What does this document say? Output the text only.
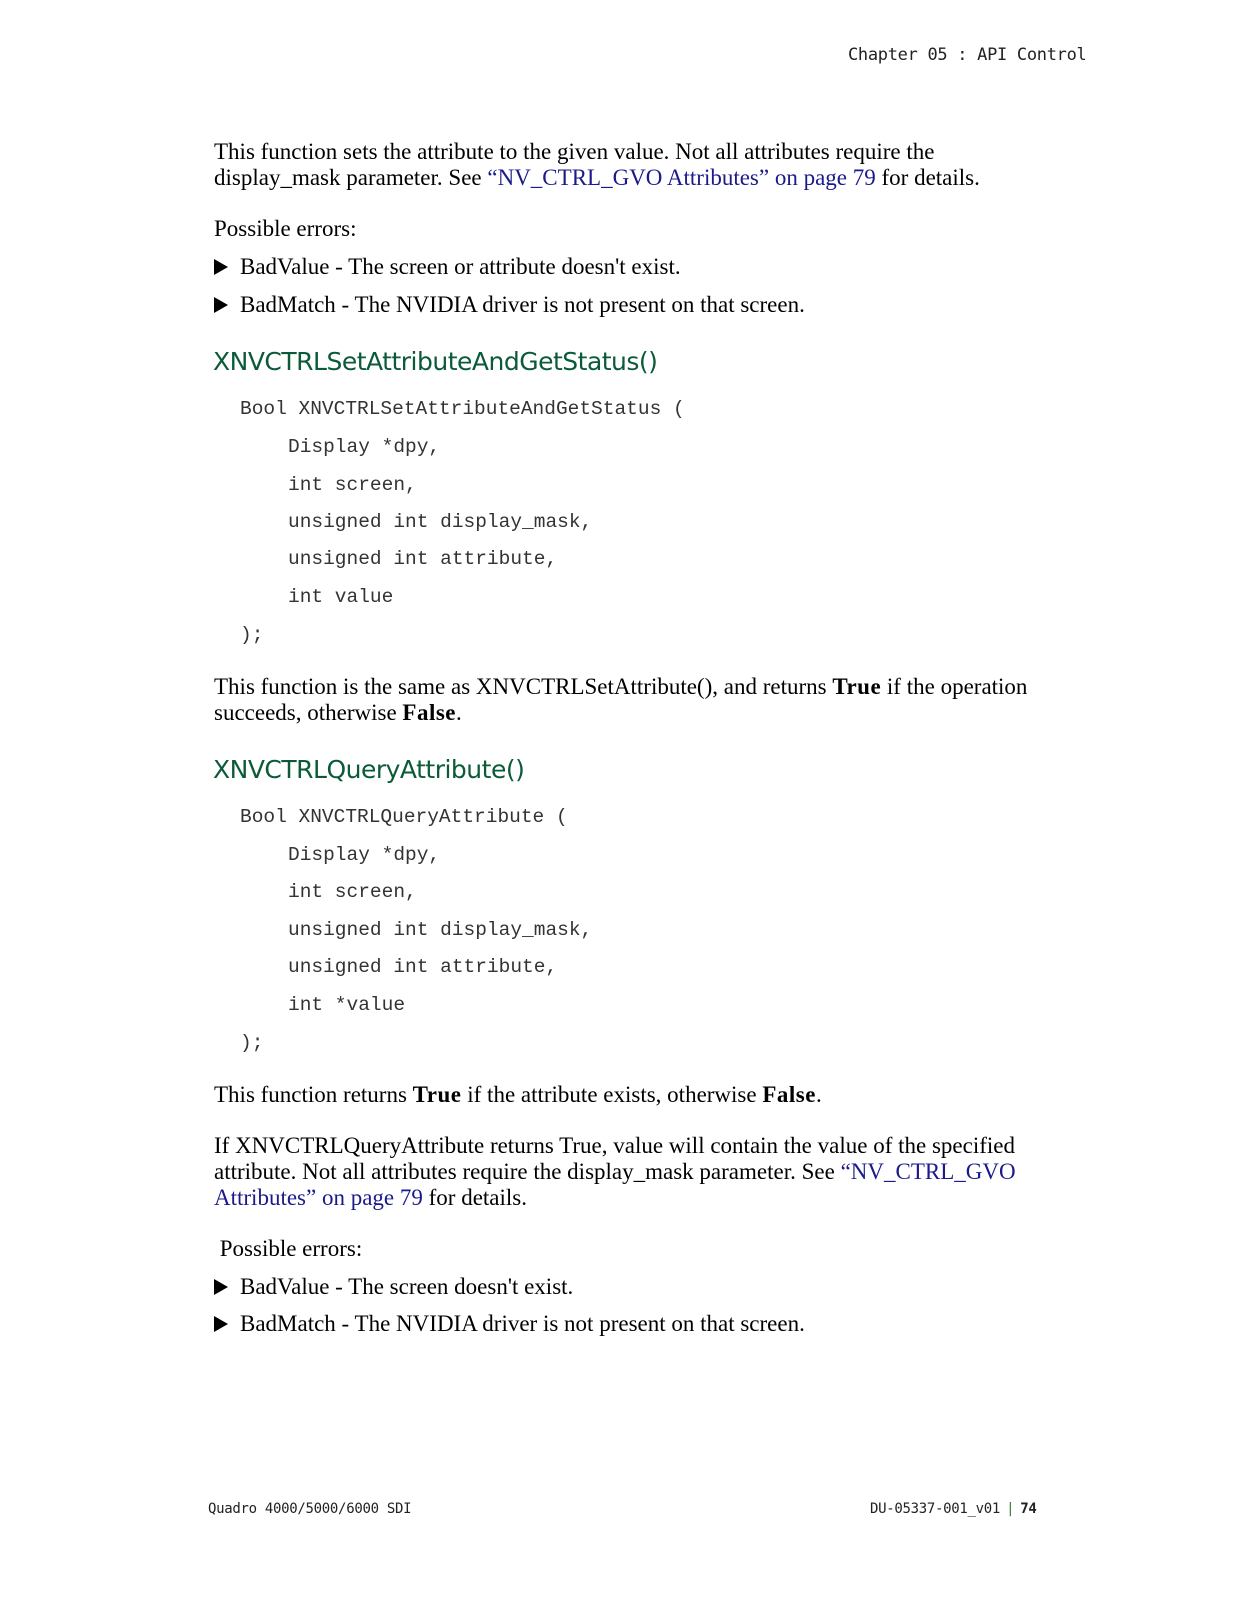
Chapter 05 : API Control
This function sets the attribute to the given value. Not all attributes require the
display_mask parameter. See “NV_CTRL_GVO Attributes” on page 79 for details.
Possible errors:
BadValue - The screen or attribute doesn't exist.
BadMatch - The NVIDIA driver is not present on that screen.
XNVCTRLSetAttributeAndGetStatus()
Bool XNVCTRLSetAttributeAndGetStatus (
Display *dpy,
int screen,
unsigned int display_mask,
unsigned int attribute,
int value
);
This function is the same as XNVCTRLSetAttribute(), and returns True if the operation
succeeds, otherwise False.
XNVCTRLQueryAttribute()
Bool XNVCTRLQueryAttribute (
Display *dpy,
int screen,
unsigned int display_mask,
unsigned int attribute,
int *value
);
This function returns True if the attribute exists, otherwise False.
If XNVCTRLQueryAttribute returns True, value will contain the value of the specified
attribute. Not all attributes require the display_mask parameter. See “NV_CTRL_GVO
Attributes” on page 79 for details.
Possible errors:
BadValue - The screen doesn't exist.
BadMatch - The NVIDIA driver is not present on that screen.
Quadro 4000/5000/6000 SDI	DU-05337-001_v01 | 74
